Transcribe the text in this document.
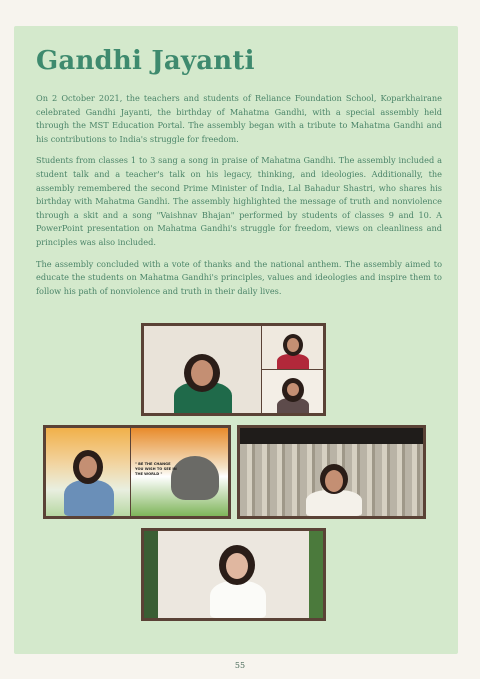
Gandhi Jayanti

On 2 October 2021, the teachers and students of Reliance Foundation School, Koparkhairane celebrated Gandhi Jayanti, the birthday of Mahatma Gandhi, with a special assembly held through the MST Education Portal. The assembly began with a tribute to Mahatma Gandhi and his contributions to India's struggle for freedom.

Students from classes 1 to 3 sang a song in praise of Mahatma Gandhi. The assembly included a student talk and a teacher's talk on his legacy, thinking, and ideologies. Additionally, the assembly remembered the second Prime Minister of India, Lal Bahadur Shastri, who shares his birthday with Mahatma Gandhi. The assembly highlighted the message of truth and nonviolence through a skit and a song "Vaishnav Bhajan" performed by students of classes 9 and 10. A PowerPoint presentation on Mahatma Gandhi's struggle for freedom, views on cleanliness and principles was also included.

The assembly concluded with a vote of thanks and the national anthem. The assembly aimed to educate the students on Mahatma Gandhi's principles, values and ideologies and inspire them to follow his path of nonviolence and truth in their daily lives.

" BE THE CHANGE YOU WISH TO SEE IN THE WORLD "
55
